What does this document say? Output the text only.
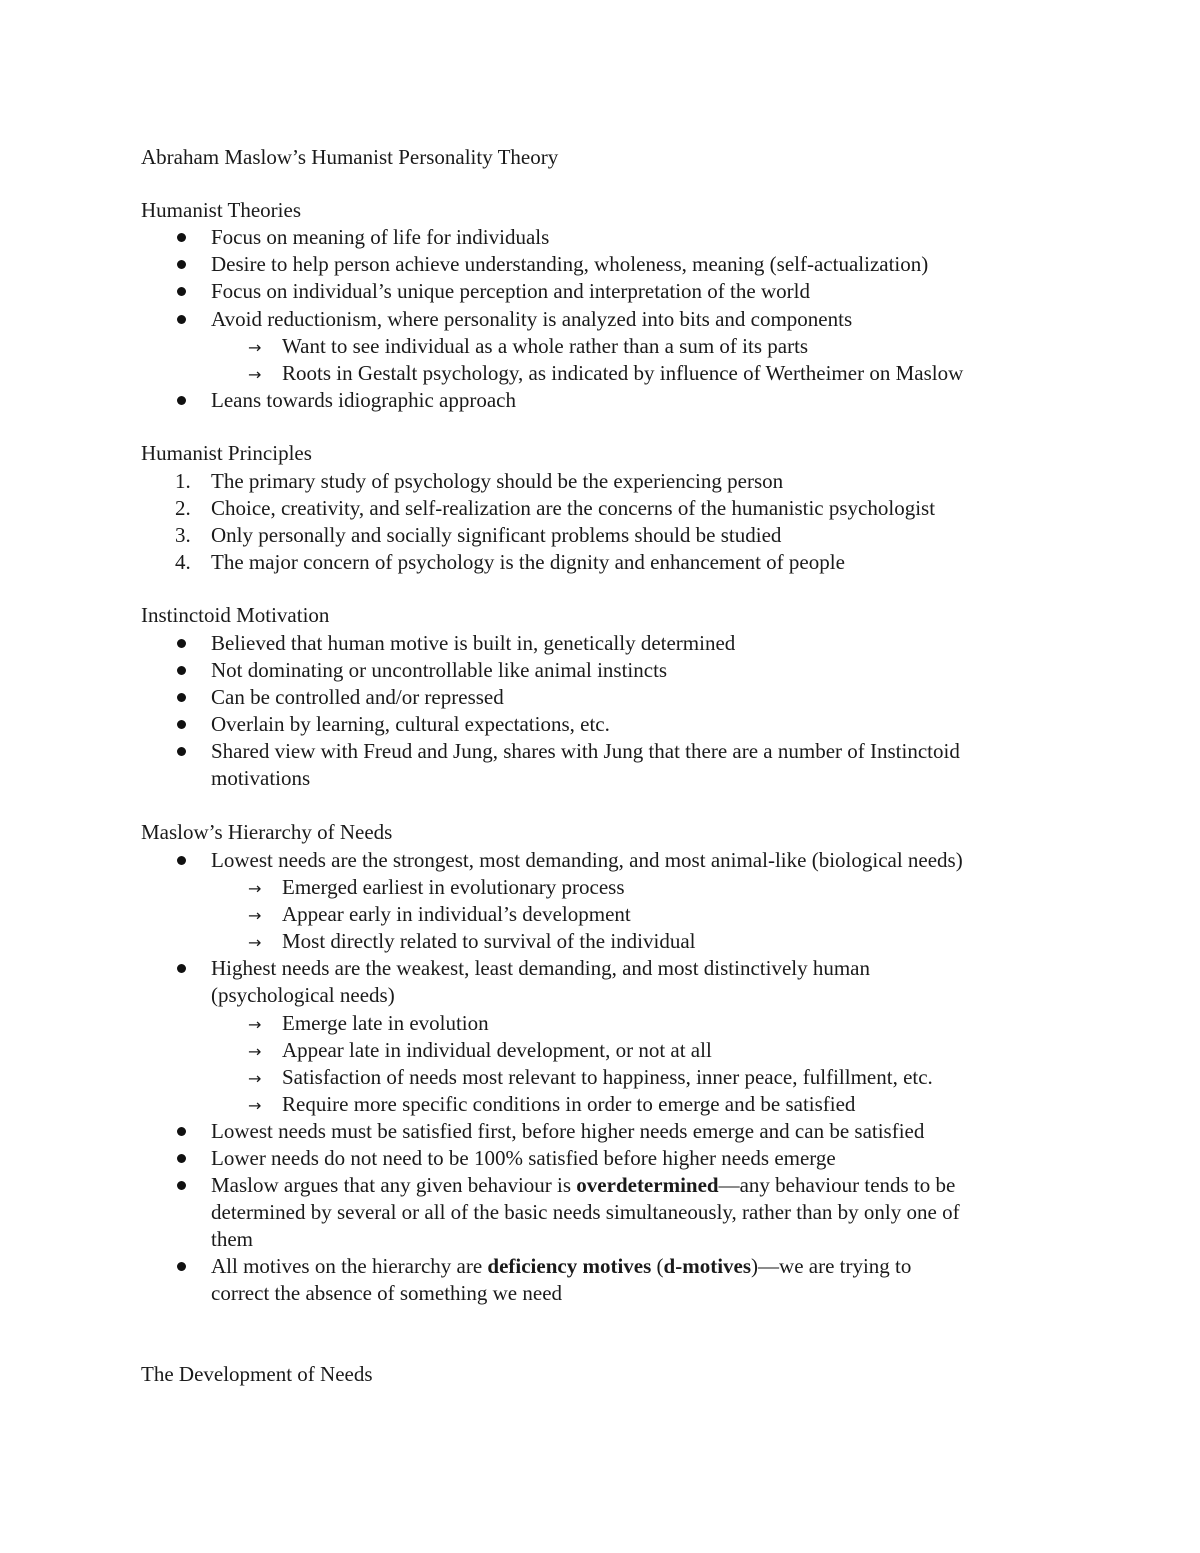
Abraham Maslow’s Humanist Personality Theory
Humanist Theories
Focus on meaning of life for individuals
Desire to help person achieve understanding, wholeness, meaning (self-actualization)
Focus on individual’s unique perception and interpretation of the world
Avoid reductionism, where personality is analyzed into bits and components
→ Want to see individual as a whole rather than a sum of its parts
→ Roots in Gestalt psychology, as indicated by influence of Wertheimer on Maslow
Leans towards idiographic approach
Humanist Principles
1. The primary study of psychology should be the experiencing person
2. Choice, creativity, and self-realization are the concerns of the humanistic psychologist
3. Only personally and socially significant problems should be studied
4. The major concern of psychology is the dignity and enhancement of people
Instinctoid Motivation
Believed that human motive is built in, genetically determined
Not dominating or uncontrollable like animal instincts
Can be controlled and/or repressed
Overlain by learning, cultural expectations, etc.
Shared view with Freud and Jung, shares with Jung that there are a number of Instinctoid
motivations
Maslow’s Hierarchy of Needs
Lowest needs are the strongest, most demanding, and most animal-like (biological needs)
→ Emerged earliest in evolutionary process
→ Appear early in individual’s development
→ Most directly related to survival of the individual
Highest needs are the weakest, least demanding, and most distinctively human
(psychological needs)
→ Emerge late in evolution
→ Appear late in individual development, or not at all
→ Satisfaction of needs most relevant to happiness, inner peace, fulfillment, etc.
→ Require more specific conditions in order to emerge and be satisfied
Lowest needs must be satisfied first, before higher needs emerge and can be satisfied
Lower needs do not need to be 100% satisfied before higher needs emerge
Maslow argues that any given behaviour is overdetermined—any behaviour tends to be
determined by several or all of the basic needs simultaneously, rather than by only one of
them
All motives on the hierarchy are deficiency motives (d-motives)—we are trying to
correct the absence of something we need
The Development of Needs
